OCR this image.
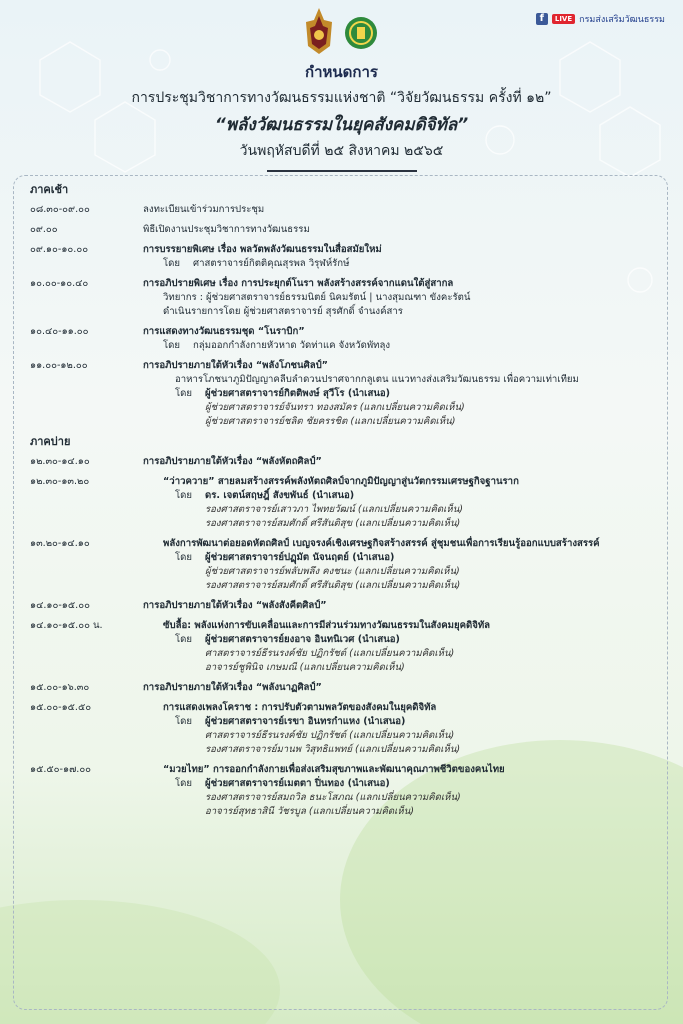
f	LIVE กรมส่งเสริมวัฒนธรรม
กำหนดการ
การประชุมวิชาการทางวัฒนธรรมแห่งชาติ “วิจัยวัฒนธรรม ครั้งที่ ๑๒”
“พลังวัฒนธรรมในยุคสังคมดิจิทัล”
วันพฤหัสบดีที่ ๒๕ สิงหาคม ๒๕๖๕
ภาคเช้า
๐๘.๓๐-๐๙.๐๐	ลงทะเบียนเข้าร่วมการประชุม
๐๙.๐๐	พิธีเปิดงานประชุมวิชาการทางวัฒนธรรม
๐๙.๑๐-๑๐.๐๐	การบรรยายพิเศษ เรื่อง พลวัตพลังวัฒนธรรมในสื่อสมัยใหม่
โดย ศาสตราจารย์กิตติคุณสุรพล วิรุฬห์รักษ์
๑๐.๐๐-๑๐.๔๐	การอภิปรายพิเศษ เรื่อง การประยุกต์โนรา พลังสร้างสรรค์จากแดนใต้สู่สากล
วิทยากร : ผู้ช่วยศาสตราจารย์ธรรมนิตย์ นิคมรัตน์ | นางสุมณฑา ขังคะรัตน์
ดำเนินรายการโดย ผู้ช่วยศาสตราจารย์ สุรศักดิ์ จำนงค์สาร
๑๐.๔๐-๑๑.๐๐	การแสดงทางวัฒนธรรมชุด “โนราบิก”
โดย กลุ่มออกกำลังกายหัวหาด วัดท่าแค จังหวัดพัทลุง
๑๑.๐๐-๑๒.๐๐	การอภิปรายภายใต้หัวเรื่อง “พลังโภชนศิลป์”
อาหารโภชนาภูมิปัญญาคลีบลำดวนปราศจากกลูเตน แนวทางส่งเสริมวัฒนธรรม เพื่อความเท่าเทียม
โดย ผู้ช่วยศาสตราจารย์กิตติพงษ์ สุวีโร (นำเสนอ)
ผู้ช่วยศาสตราจารย์จันทรา ทองสมัคร (แลกเปลี่ยนความคิดเห็น)
ผู้ช่วยศาสตราจารย์ชลิต ชัยครรชิต (แลกเปลี่ยนความคิดเห็น)
ภาคบ่าย
๑๒.๓๐-๑๔.๑๐	การอภิปรายภายใต้หัวเรื่อง “พลังหัตถศิลป์”
๑๒.๓๐-๑๓.๒๐	“ว่าวควาย” สายลมสร้างสรรค์พลังหัตถศิลป์จากภูมิปัญญาสู่นวัตกรรมเศรษฐกิจฐานราก
โดย ดร. เจตน์สฤษฎิ์ สังขพันธ์ (นำเสนอ)
รองศาสตราจารย์เสาวภา ไพทยวัฒน์ (แลกเปลี่ยนความคิดเห็น)
รองศาสตราจารย์สมศักดิ์ ศรีสันติสุข (แลกเปลี่ยนความคิดเห็น)
๑๓.๒๐-๑๔.๑๐	พลังการพัฒนาต่อยอดหัตถศิลป์ เบญจรงค์เชิงเศรษฐกิจสร้างสรรค์ สู่ชุมชนเพื่อการเรียนรู้ออกแบบสร้างสรรค์
โดย ผู้ช่วยศาสตราจารย์ปฏุมัต นัจนฤตย์ (นำเสนอ)
ผู้ช่วยศาสตราจารย์พลับพลึง คงชนะ (แลกเปลี่ยนความคิดเห็น)
รองศาสตราจารย์สมศักดิ์ ศรีสันติสุข (แลกเปลี่ยนความคิดเห็น)
๑๔.๑๐-๑๕.๐๐	การอภิปรายภายใต้หัวเรื่อง “พลังสังคีตศิลป์”
๑๔.๑๐-๑๕.๐๐ น.	ซับลื้อ: พลังแห่งการขับเคลื่อนและการมีส่วนร่วมทางวัฒนธรรมในสังคมยุคดิจิทัล
โดย ผู้ช่วยศาสตราจารย์ยงอาจ อินทนิเวศ (นำเสนอ)
ศาสตราจารย์ธีรนรงค์ชัย ปฏิกรัชต์ (แลกเปลี่ยนความคิดเห็น)
อาจารย์ชูพินิจ เกษมณี (แลกเปลี่ยนความคิดเห็น)
๑๕.๐๐-๑๖.๓๐	การอภิปรายภายใต้หัวเรื่อง “พลังนาฏศิลป์”
๑๕.๐๐-๑๕.๕๐	การแสดงเพลงโคราช : การปรับตัวตามพลวัตของสังคมในยุคดิจิทัล
โดย ผู้ช่วยศาสตราจารย์เรขา อินทรกำแหง (นำเสนอ)
ศาสตราจารย์ธีรนรงค์ชัย ปฏิกรัชต์ (แลกเปลี่ยนความคิดเห็น)
รองศาสตราจารย์มานพ วิสุทธิแพทย์ (แลกเปลี่ยนความคิดเห็น)
๑๕.๕๐-๑๗.๐๐	“มวยไทย” การออกกำลังกายเพื่อส่งเสริมสุขภาพและพัฒนาคุณภาพชีวิตของคนไทย
โดย ผู้ช่วยศาสตราจารย์เมตตา ปิ่นทอง (นำเสนอ)
รองศาสตราจารย์สมถวิล ธนะโสภณ (แลกเปลี่ยนความคิดเห็น)
อาจารย์สุทธาสินี วัชรบูล (แลกเปลี่ยนความคิดเห็น)
